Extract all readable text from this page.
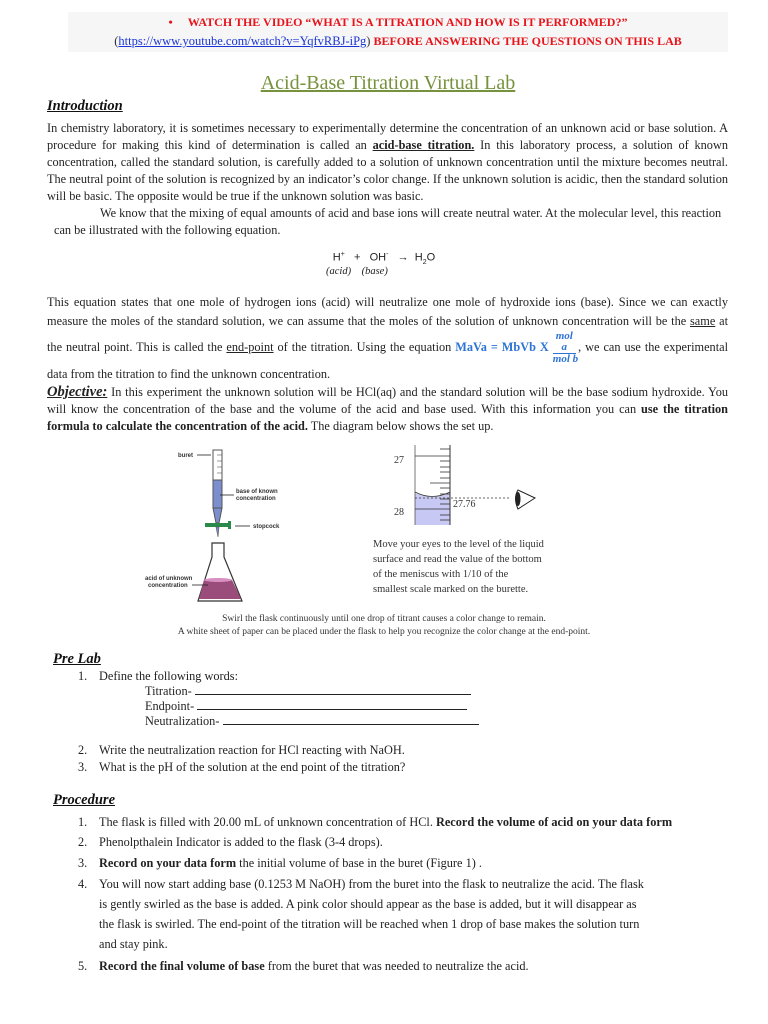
• WATCH THE VIDEO “WHAT IS A TITRATION AND HOW IS IT PERFORMED?”
(https://www.youtube.com/watch?v=YqfvRBJ-iPg) BEFORE ANSWERING THE QUESTIONS ON THIS LAB
Acid-Base Titration Virtual Lab
Introduction

In chemistry laboratory, it is sometimes necessary to experimentally determine the concentration of an unknown acid or base solution. A procedure for making this kind of determination is called an acid-base titration. In this laboratory process, a solution of known concentration, called the standard solution, is carefully added to a solution of unknown concentration until the mixture becomes neutral. The neutral point of the solution is recognized by an indicator’s color change. If the unknown solution is acidic, then the standard solution will be basic. The opposite would be true if the unknown solution was basic.

We know that the mixing of equal amounts of acid and base ions will create neutral water. At the molecular level, this reaction can be illustrated with the following equation.

$H^+ + OH^- \to H_2O$
(acid) (base)

This equation states that one mole of hydrogen ions (acid) will neutralize one mole of hydroxide ions (base). Since we can exactly measure the moles of the standard solution, we can assume that the moles of the solution of unknown concentration will be the same at the neutral point. This is called the end-point of the titration. Using the equation MaVa = MbVb X $\frac{\text{mol a}}{\text{mol b}}$ , we can use the experimental data from the titration to find the unknown concentration.

Objective: In this experiment the unknown solution will be HCl(aq) and the standard solution will be the base sodium hydroxide. You will know the concentration of the base and the volume of the acid and base used. With this information you can use the titration formula to calculate the concentration of the acid. The diagram below shows the set up.

buret
base of known
concentration
stopcock
acid of unknown
concentration
27
28
27.76
Move your eyes to the level of the liquid
surface and read the value of the bottom
of the meniscus with 1/10 of the
smallest scale marked on the burette.
Swirl the flask continuously until one drop of titrant causes a color change to remain.
A white sheet of paper can be placed under the flask to help you recognize the color change at the end-point.
Pre Lab
1. Define the following words:
Titration-
Endpoint-
Neutralization-
2. Write the neutralization reaction for HCl reacting with NaOH.
3. What is the pH of the solution at the end point of the titration?
Procedure
1. The flask is filled with 20.00 mL of unknown concentration of HCl. Record the volume of acid on your data form
2. Phenolpthalein Indicator is added to the flask (3-4 drops).
3. Record on your data form the initial volume of base in the buret (Figure 1) .
4. You will now start adding base (0.1253 M NaOH) from the buret into the flask to neutralize the acid. The flask
is gently swirled as the base is added. A pink color should appear as the base is added, but it will disappear as
the flask is swirled. The end-point of the titration will be reached when 1 drop of base makes the solution turn
and stay pink.
5. Record the final volume of base from the buret that was needed to neutralize the acid.
